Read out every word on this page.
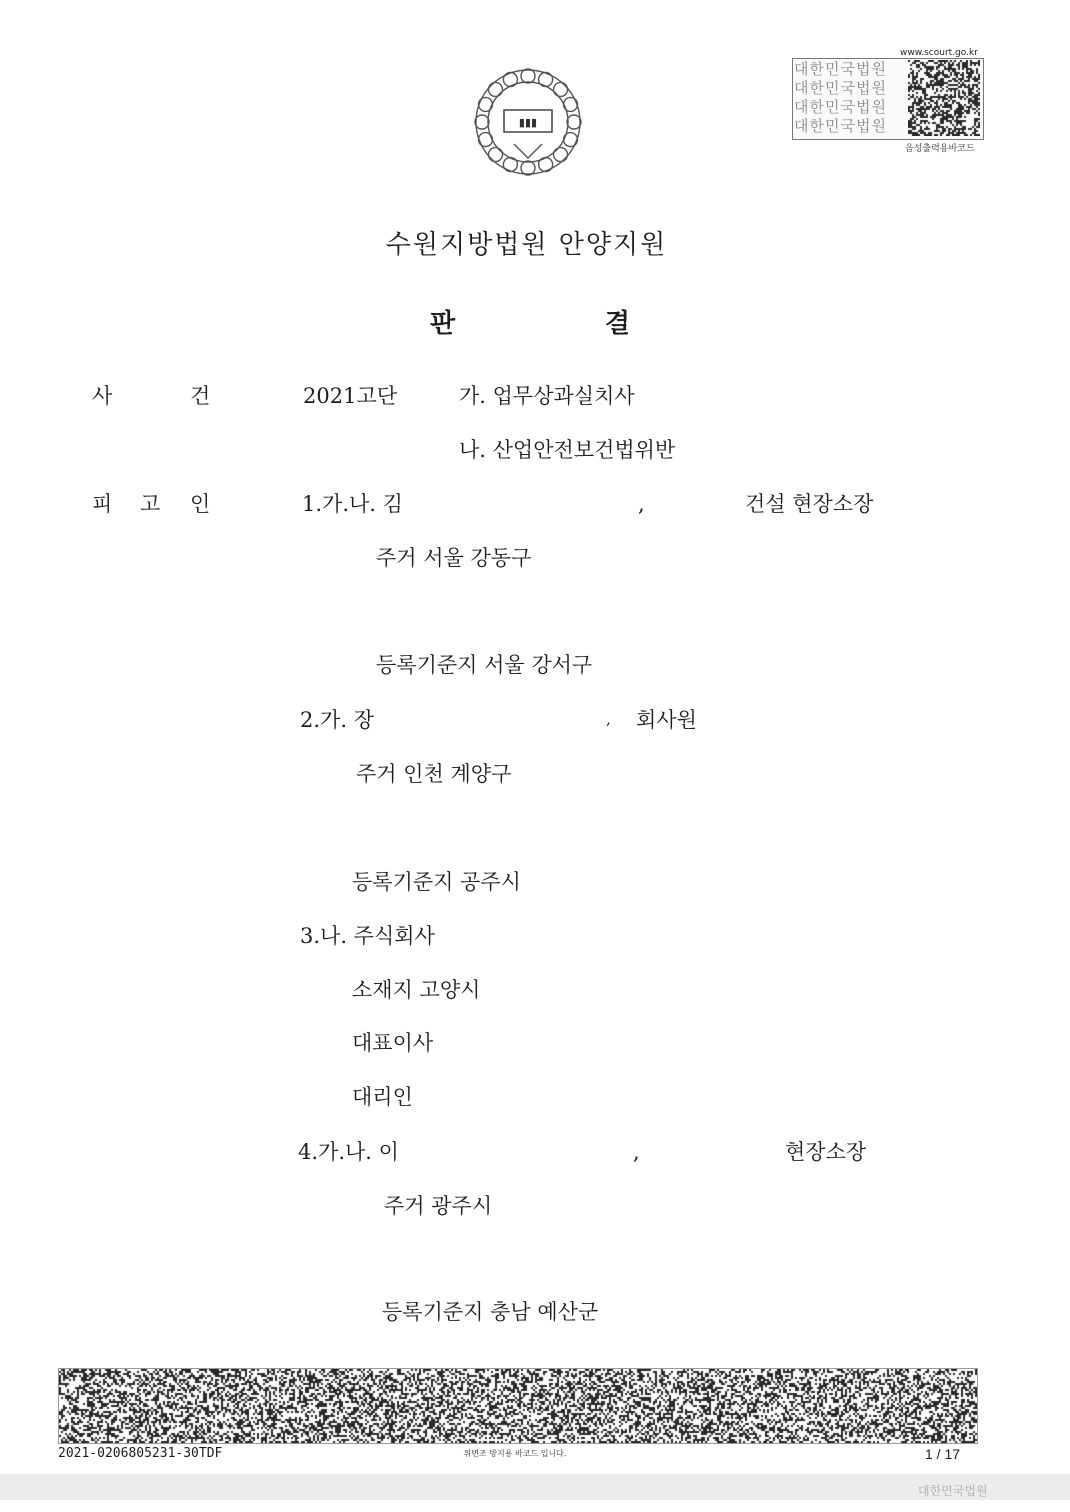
▮▮▮
www.scourt.go.kr
대한민국법원
대한민국법원
대한민국법원
대한민국법원
음성출력용바코드
수원지방법원 안양지원
판	결
사	건	2021고단	가. 업무상과실치사
나. 산업안전보건법위반
피 고 인	1.가.나. 김	,	건설 현장소장
주거 서울 강동구
등록기준지 서울 강서구
2.가. 장	, 회사원
주거 인천 계양구
등록기준지 공주시
3.나. 주식회사
소재지 고양시
대표이사
대리인
4.가.나. 이	,	현장소장
주거 광주시
등록기준지 충남 예산군
2021-0206805231-30TDF	위변조 방지용 바코드 입니다.	1 / 17
대한민국법원
